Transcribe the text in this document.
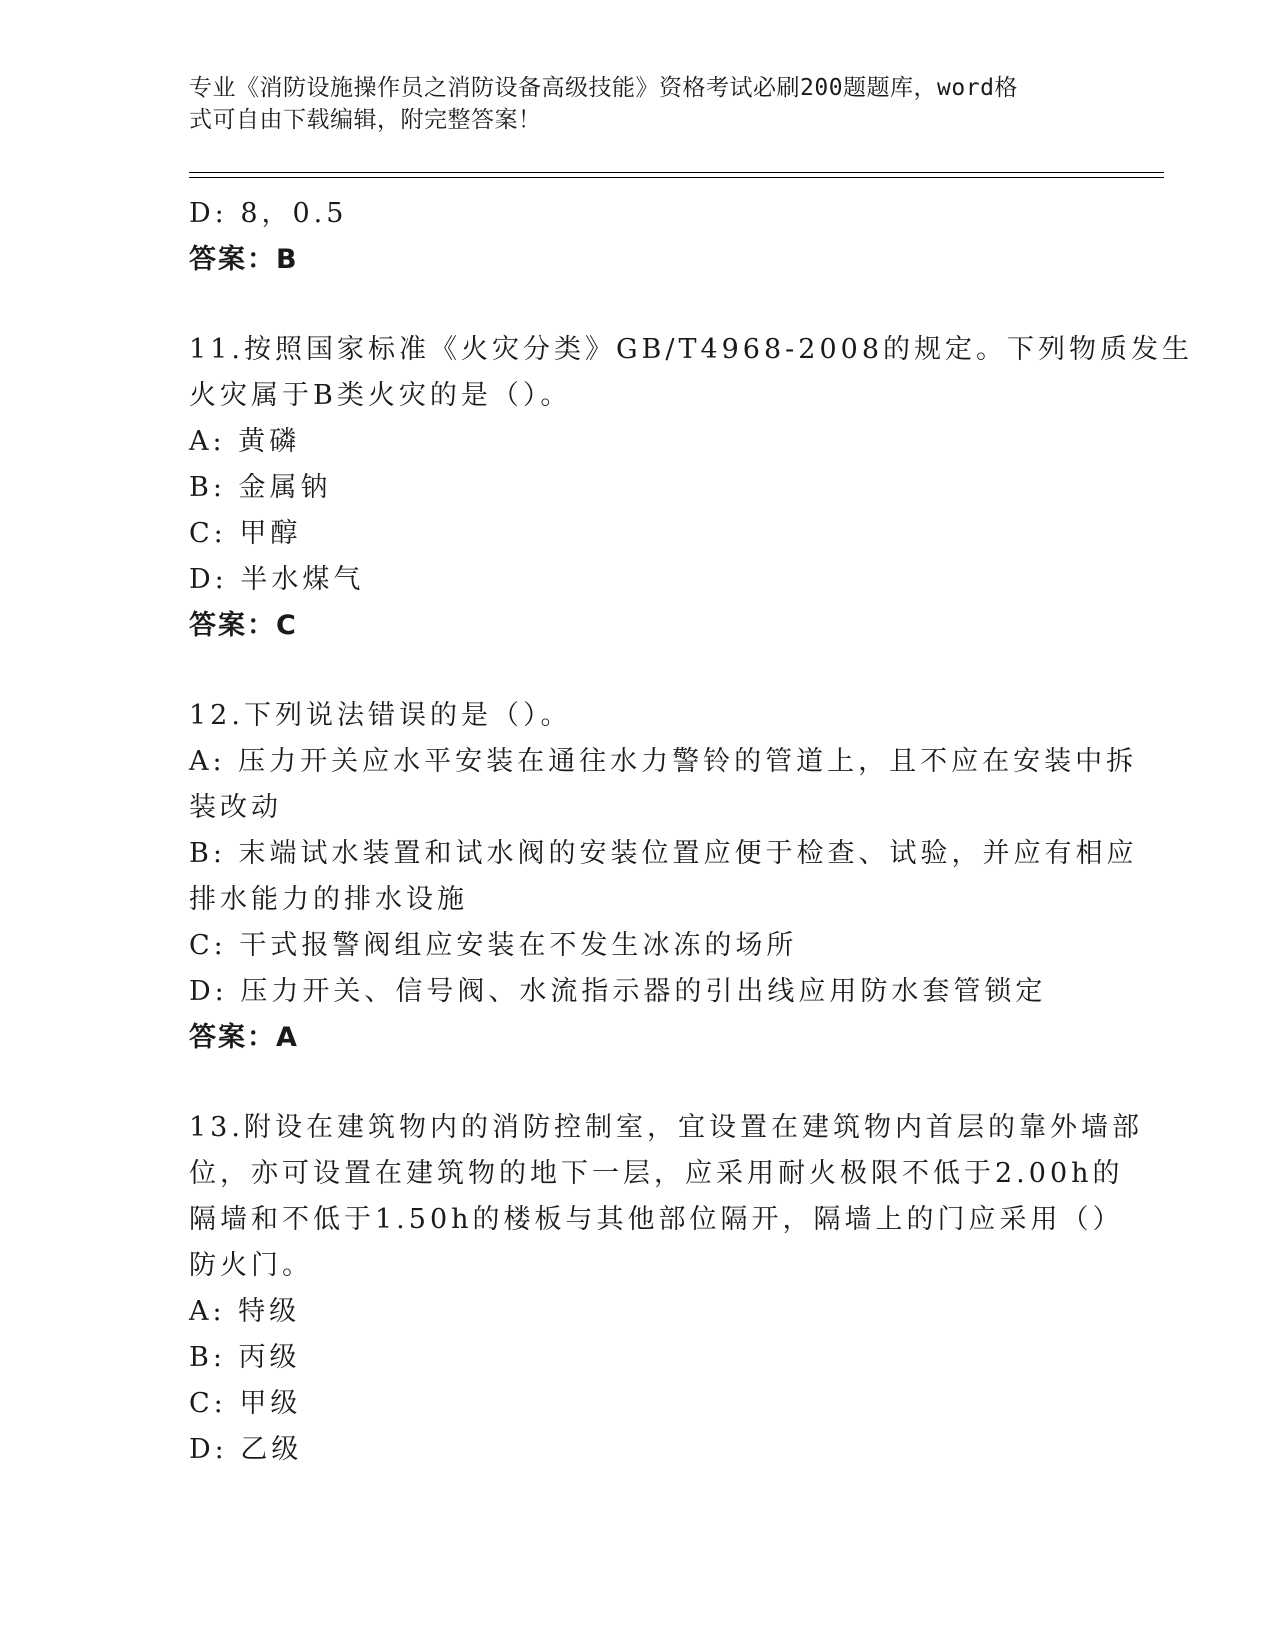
专业《消防设施操作员之消防设备高级技能》资格考试必刷200题题库，word格
式可自由下载编辑，附完整答案！
D: 8，0.5
答案：B
11.按照国家标准《火灾分类》GB/T4968-2008的规定。下列物质发生
火灾属于B类火灾的是（）。
A: 黄磷
B: 金属钠
C: 甲醇
D: 半水煤气
答案：C
12.下列说法错误的是（）。
A: 压力开关应水平安装在通往水力警铃的管道上，且不应在安装中拆
装改动
B: 末端试水装置和试水阀的安装位置应便于检查、试验，并应有相应
排水能力的排水设施
C: 干式报警阀组应安装在不发生冰冻的场所
D: 压力开关、信号阀、水流指示器的引出线应用防水套管锁定
答案：A
13.附设在建筑物内的消防控制室，宜设置在建筑物内首层的靠外墙部
位，亦可设置在建筑物的地下一层，应采用耐火极限不低于2.00h的
隔墙和不低于1.50h的楼板与其他部位隔开，隔墙上的门应采用（）
防火门。
A: 特级
B: 丙级
C: 甲级
D: 乙级
